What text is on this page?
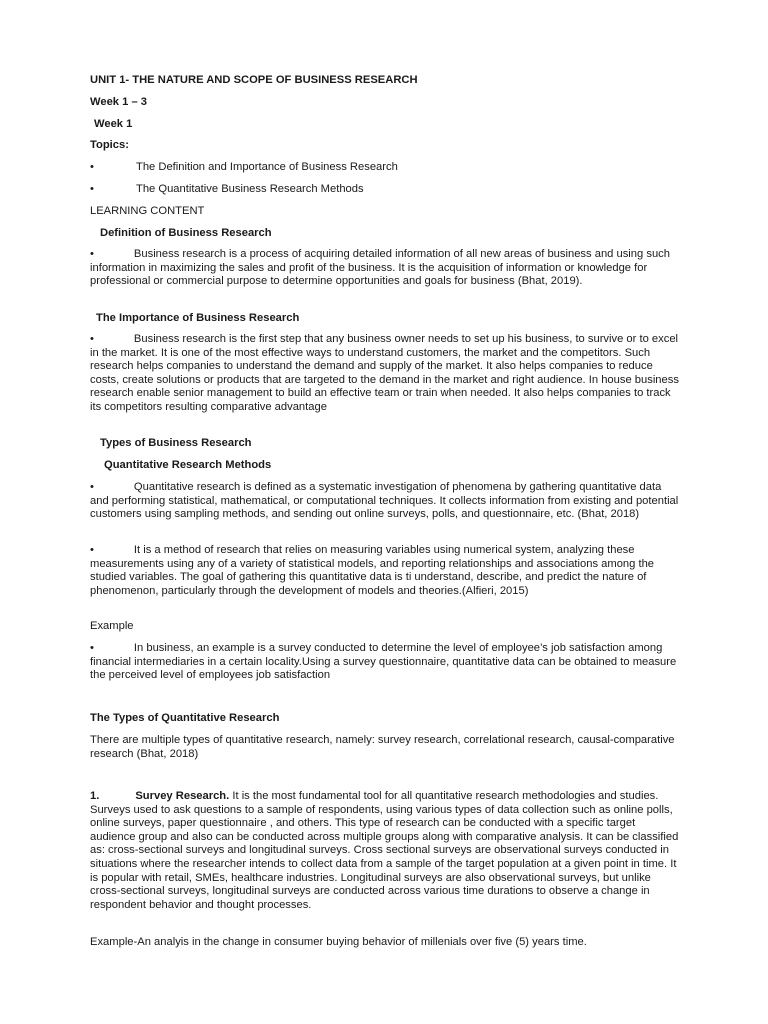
UNIT 1- THE NATURE AND SCOPE OF BUSINESS RESEARCH

Week 1 – 3

Week 1

Topics:

•	The Definition and Importance of Business Research

•	The Quantitative Business Research Methods

LEARNING CONTENT

Definition of Business Research

•	Business research is a process of acquiring detailed information of all new areas of business and using such information in maximizing the sales and profit of the business. It is the acquisition of information or knowledge for professional or commercial purpose to determine opportunities and goals for business (Bhat, 2019).

The Importance of Business Research

•	Business research is the first step that any business owner needs to set up his business, to survive or to excel in the market. It is one of the most effective ways to understand customers, the market and the competitors. Such research helps companies to understand the demand and supply of the market. It also helps companies to reduce costs, create solutions or products that are targeted to the demand in the market and right audience. In house business research enable senior management to build an effective team or train when needed. It also helps companies to track its competitors resulting comparative advantage

Types of Business Research

Quantitative Research Methods

•	Quantitative research is defined as a systematic investigation of phenomena by gathering quantitative data and performing statistical, mathematical, or computational techniques. It collects information from existing and potential customers using sampling methods, and sending out online surveys, polls, and questionnaire, etc. (Bhat, 2018)
•	It is a method of research that relies on measuring variables using numerical system, analyzing these measurements using any of a variety of statistical models, and reporting relationships and associations among the studied variables. The goal of gathering this quantitative data is ti understand, describe, and predict the nature of phenomenon, particularly through the development of models and theories.(Alfieri, 2015)

Example

•	In business, an example is a survey conducted to determine the level of employee’s job satisfaction among financial intermediaries in a certain locality.Using a survey questionnaire, quantitative data can be obtained to measure the perceived level of employees job satisfaction

The Types of Quantitative Research

There are multiple types of quantitative research, namely: survey research, correlational research, causal-comparative research (Bhat, 2018)

1.	Survey Research. It is the most fundamental tool for all quantitative research methodologies and studies. Surveys used to ask questions to a sample of respondents, using various types of data collection such as online polls, online surveys, paper questionnaire , and others. This type of research can be conducted with a specific target audience group and also can be conducted across multiple groups along with comparative analysis. It can be classified as: cross-sectional surveys and longitudinal surveys. Cross sectional surveys are observational surveys conducted in situations where the researcher intends to collect data from a sample of the target population at a given point in time. It is popular with retail, SMEs, healthcare industries. Longitudinal surveys are also observational surveys, but unlike cross-sectional surveys, longitudinal surveys are conducted across various time durations to observe a change in respondent behavior and thought processes.

Example-An analyis in the change in consumer buying behavior of millenials over five (5) years time.
